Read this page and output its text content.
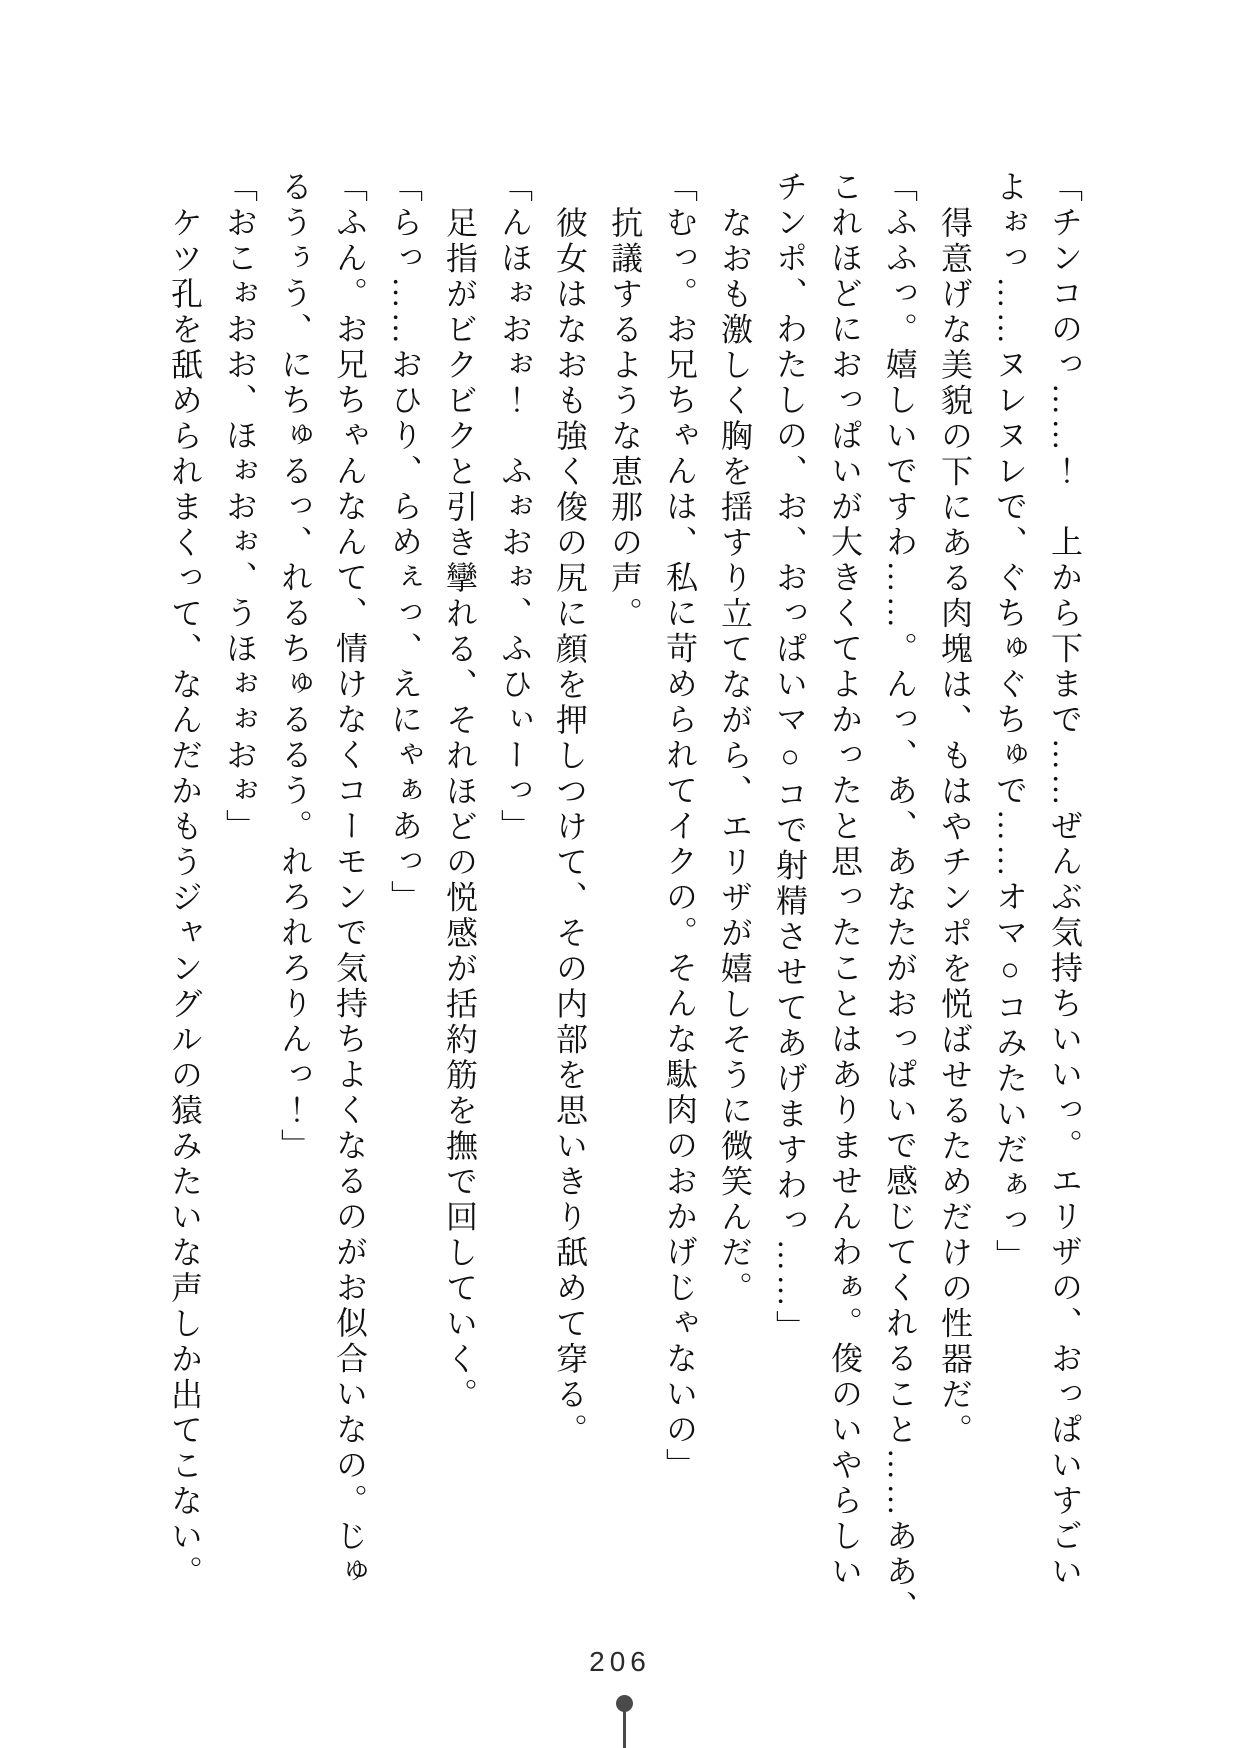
「チンコのっ……！　上から下まで……ぜんぶ気持ちいいっ。エリザの、おっぱいすごい

よぉっ……ヌレヌレで、ぐちゅぐちゅで……オマ○コみたいだぁっ」

得意げな美貌の下にある肉塊は、もはやチンポを悦ばせるためだけの性器だ。

「ふふっ。嬉しいですわ……。んっ、あ、あなたがおっぱいで感じてくれること……ああ、

これほどにおっぱいが大きくてよかったと思ったことはありませんわぁ。俊のいやらしい

チンポ、わたしの、お、おっぱいマ○コで射精させてあげますわっ……」

なおも激しく胸を揺すり立てながら、エリザが嬉しそうに微笑んだ。

「むっ。お兄ちゃんは、私に苛められてイクの。そんな駄肉のおかげじゃないの」

抗議するような恵那の声。

彼女はなおも強く俊の尻に顔を押しつけて、その内部を思いきり舐めて穿る。

「んほぉおぉ！　ふぉおぉ、ふひぃーっ」

足指がビクビクと引き攣れる、それほどの悦感が括約筋を撫で回していく。

「らっ……おひり、らめぇっ、えにゃぁあっ」

「ふん。お兄ちゃんなんて、情けなくコーモンで気持ちよくなるのがお似合いなの。じゅ

るうぅう、にちゅるっ、れるちゅるるう。れろれろりんっ！」

「おこぉおお、ほぉおぉ、うほぉぉおぉ」

ケツ孔を舐められまくって、なんだかもうジャングルの猿みたいな声しか出てこない。

206
